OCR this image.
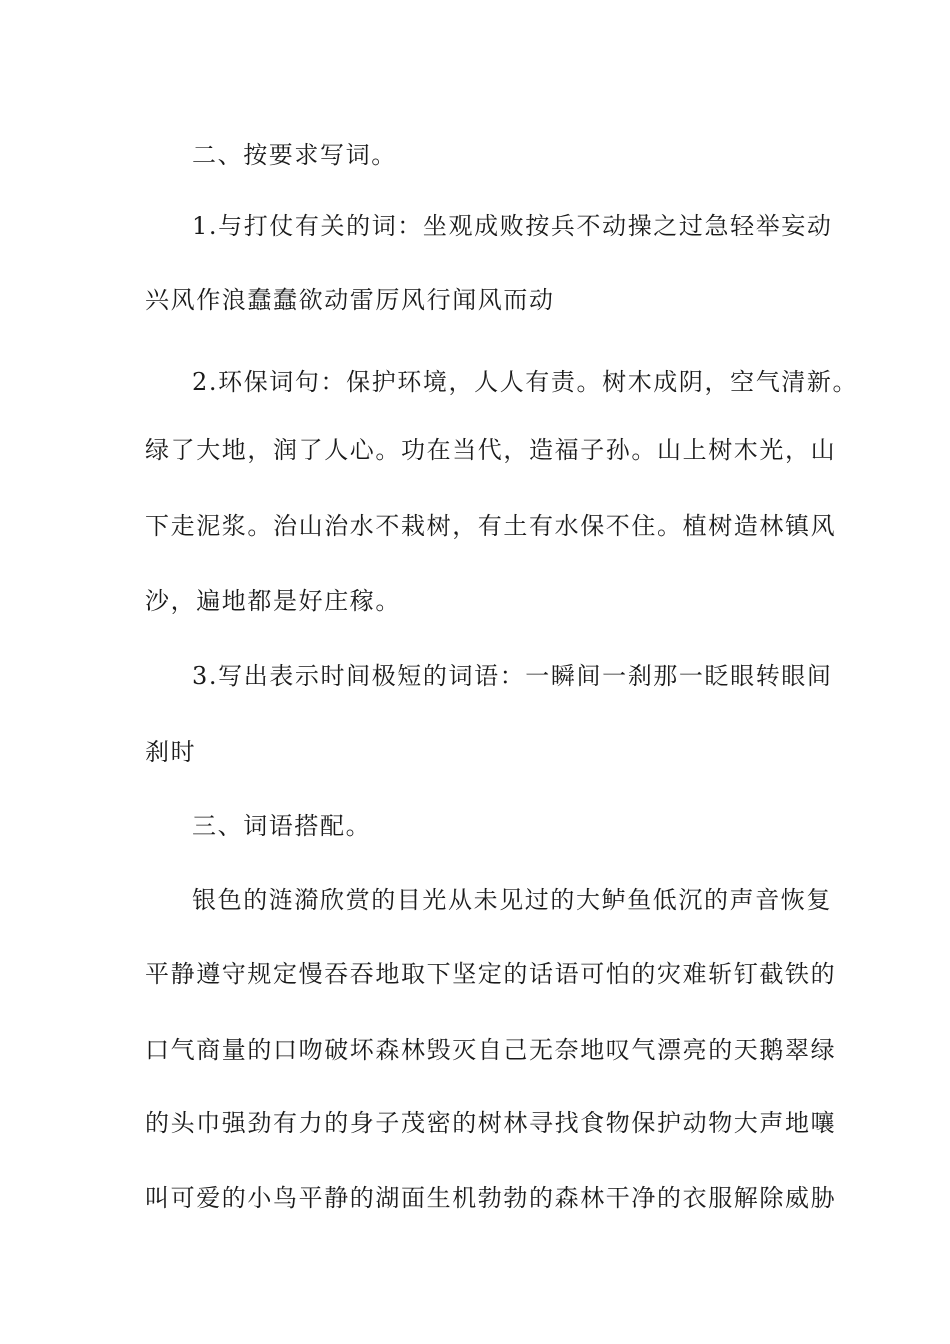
二、按要求写词。
1.与打仗有关的词：坐观成败按兵不动操之过急轻举妄动
兴风作浪蠢蠢欲动雷厉风行闻风而动
2.环保词句：保护环境，人人有责。树木成阴，空气清新。
绿了大地，润了人心。功在当代，造福子孙。山上树木光，山
下走泥浆。治山治水不栽树，有土有水保不住。植树造林镇风
沙，遍地都是好庄稼。
3.写出表示时间极短的词语：一瞬间一刹那一眨眼转眼间
刹时
三、词语搭配。
银色的涟漪欣赏的目光从未见过的大鲈鱼低沉的声音恢复
平静遵守规定慢吞吞地取下坚定的话语可怕的灾难斩钉截铁的
口气商量的口吻破坏森林毁灭自己无奈地叹气漂亮的天鹅翠绿
的头巾强劲有力的身子茂密的树林寻找食物保护动物大声地嚷
叫可爱的小鸟平静的湖面生机勃勃的森林干净的衣服解除威胁
